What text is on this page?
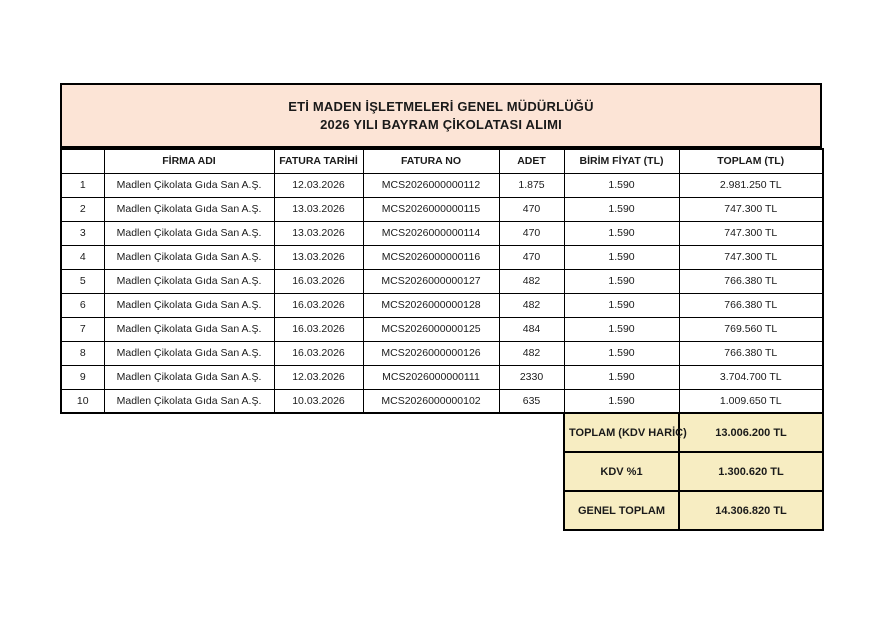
ETİ MADEN İŞLETMELERİ GENEL MÜDÜRLÜĞÜ
2026 YILI BAYRAM ÇİKOLATASI ALIMI
	FİRMA ADI	FATURA TARİHİ	FATURA NO	ADET	BİRİM FİYAT (TL)	TOPLAM (TL)
1	Madlen Çikolata Gıda San A.Ş.	12.03.2026	MCS2026000000112	1.875	1.590	2.981.250 TL
2	Madlen Çikolata Gıda San A.Ş.	13.03.2026	MCS2026000000115	470	1.590	747.300 TL
3	Madlen Çikolata Gıda San A.Ş.	13.03.2026	MCS2026000000114	470	1.590	747.300 TL
4	Madlen Çikolata Gıda San A.Ş.	13.03.2026	MCS2026000000116	470	1.590	747.300 TL
5	Madlen Çikolata Gıda San A.Ş.	16.03.2026	MCS2026000000127	482	1.590	766.380 TL
6	Madlen Çikolata Gıda San A.Ş.	16.03.2026	MCS2026000000128	482	1.590	766.380 TL
7	Madlen Çikolata Gıda San A.Ş.	16.03.2026	MCS2026000000125	484	1.590	769.560 TL
8	Madlen Çikolata Gıda San A.Ş.	16.03.2026	MCS2026000000126	482	1.590	766.380 TL
9	Madlen Çikolata Gıda San A.Ş.	12.03.2026	MCS2026000000111	2330	1.590	3.704.700 TL
10	Madlen Çikolata Gıda San A.Ş.	10.03.2026	MCS2026000000102	635	1.590	1.009.650 TL
TOPLAM (KDV HARİÇ)	13.006.200 TL
KDV %1	1.300.620 TL
GENEL TOPLAM	14.306.820 TL
